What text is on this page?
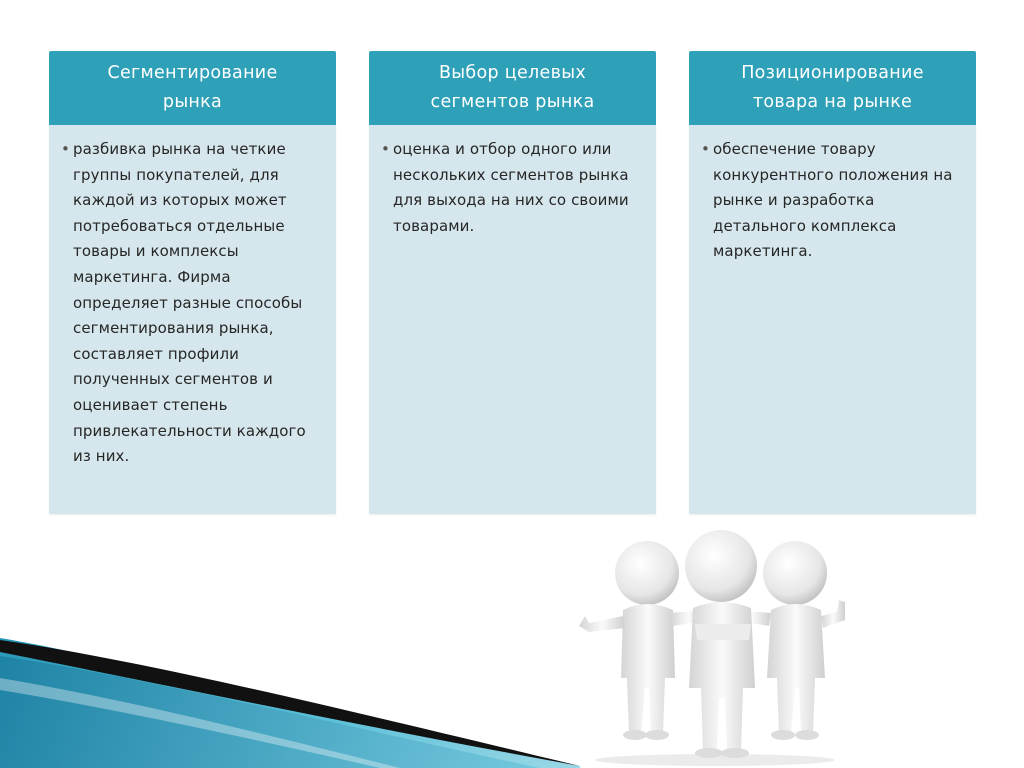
Сегментирование
рынка
• разбивка рынка на четкие группы покупателей, для каждой из которых может потребоваться отдельные товары и комплексы маркетинга. Фирма определяет разные способы сегментирования рынка, составляет профили полученных сегментов и оценивает степень привлекательности каждого из них.
Выбор целевых
сегментов рынка
• оценка и отбор одного или нескольких сегментов рынка для выхода на них со своими товарами.
Позиционирование
товара на рынке
• обеспечение товару конкурентного положения на рынке и разработка детального комплекса маркетинга.
